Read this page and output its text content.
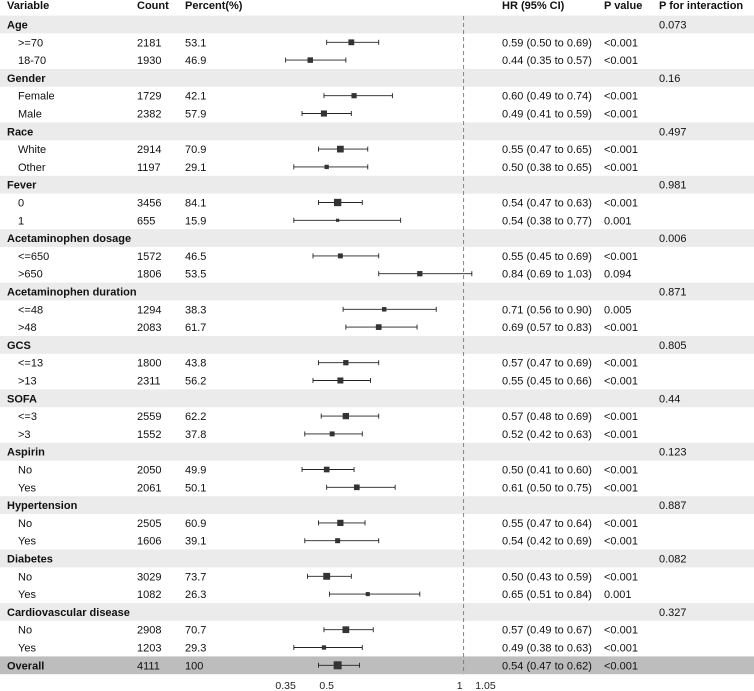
Variable	Count Percent(%)	HR (95% CI)	P value P for interaction
Age	0.073
>=70	2181 53.1	0.59 (0.50 to 0.69) <0.001
18-70	1930 46.9	0.44 (0.35 to 0.57) <0.001
Gender	0.16
Female	1729 42.1	0.60 (0.49 to 0.74) <0.001
Male	2382 57.9	0.49 (0.41 to 0.59) <0.001
Race	0.497
White	2914 70.9	0.55 (0.47 to 0.65) <0.001
Other	1197 29.1	0.50 (0.38 to 0.65) <0.001
Fever	0.981
0	3456 84.1	0.54 (0.47 to 0.63) <0.001
1	655	15.9	0.54 (0.38 to 0.77) 0.001
Acetaminophen dosage	0.006
<=650	1572 46.5	0.55 (0.45 to 0.69) <0.001
>650	1806 53.5	0.84 (0.69 to 1.03) 0.094
Acetaminophen duration	0.871
<=48	1294 38.3	0.71 (0.56 to 0.90) 0.005
>48	2083 61.7	0.69 (0.57 to 0.83) <0.001
GCS	0.805
<=13	1800 43.8	0.57 (0.47 to 0.69) <0.001
>13	2311 56.2	0.55 (0.45 to 0.66) <0.001
SOFA	0.44
<=3	2559 62.2	0.57 (0.48 to 0.69) <0.001
>3	1552 37.8	0.52 (0.42 to 0.63) <0.001
Aspirin	0.123
No	2050 49.9	0.50 (0.41 to 0.60) <0.001
Yes	2061 50.1	0.61 (0.50 to 0.75) <0.001
Hypertension	0.887
No	2505 60.9	0.55 (0.47 to 0.64) <0.001
Yes	1606 39.1	0.54 (0.42 to 0.69) <0.001
Diabetes	0.082
No	3029 73.7	0.50 (0.43 to 0.59) <0.001
Yes	1082 26.3	0.65 (0.51 to 0.84) 0.001
Cardiovascular disease	0.327
No	2908 70.7	0.57 (0.49 to 0.67) <0.001
Yes	1203 29.3	0.49 (0.38 to 0.63) <0.001
Overall	4111 100	0.54 (0.47 to 0.62) <0.001
0.35 0.5	1 1.05
